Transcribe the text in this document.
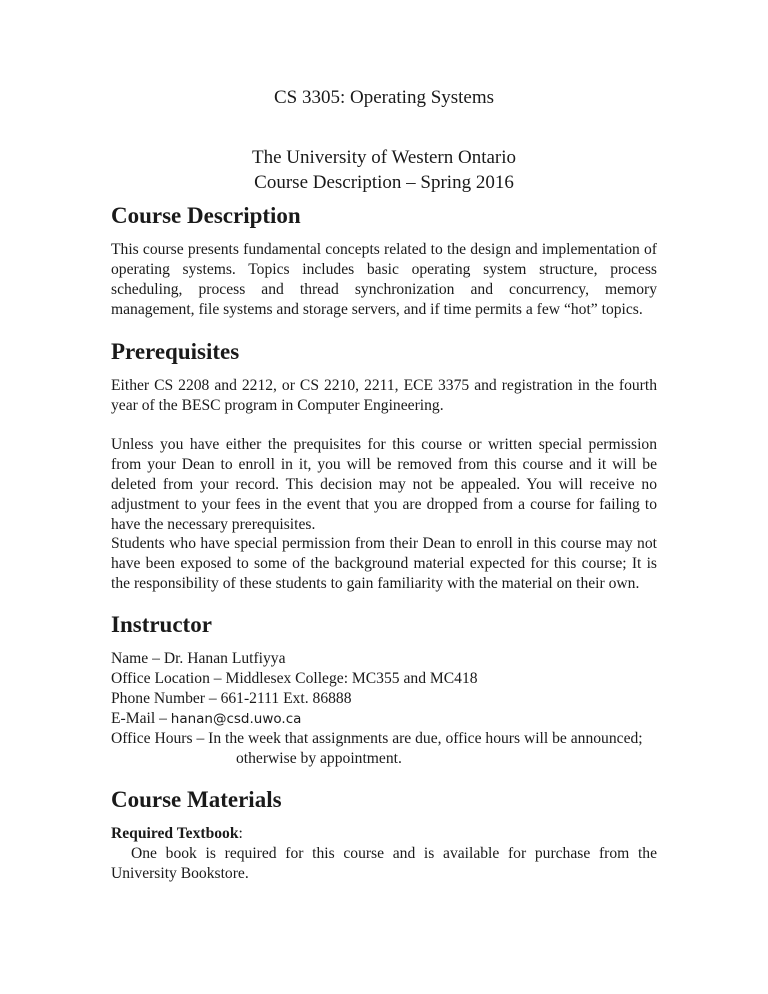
CS 3305: Operating Systems
The University of Western Ontario
Course Description – Spring 2016
Course Description
This course presents fundamental concepts related to the design and implementation of operating systems. Topics includes basic operating system structure, process scheduling, process and thread synchronization and concurrency, memory management, file systems and storage servers, and if time permits a few “hot” topics.
Prerequisites
Either CS 2208 and 2212, or CS 2210, 2211, ECE 3375 and registration in the fourth year of the BESC program in Computer Engineering.
Unless you have either the prequisites for this course or written special permission from your Dean to enroll in it, you will be removed from this course and it will be deleted from your record. This decision may not be appealed. You will receive no adjustment to your fees in the event that you are dropped from a course for failing to have the necessary prerequisites.
Students who have special permission from their Dean to enroll in this course may not have been exposed to some of the background material expected for this course; It is the responsibility of these students to gain familiarity with the material on their own.
Instructor
Name – Dr. Hanan Lutfiyya
Office Location – Middlesex College: MC355 and MC418
Phone Number – 661-2111 Ext. 86888
E-Mail – hanan@csd.uwo.ca
Office Hours – In the week that assignments are due, office hours will be announced;
otherwise by appointment.
Course Materials
Required Textbook:
One book is required for this course and is available for purchase from the University Bookstore.
